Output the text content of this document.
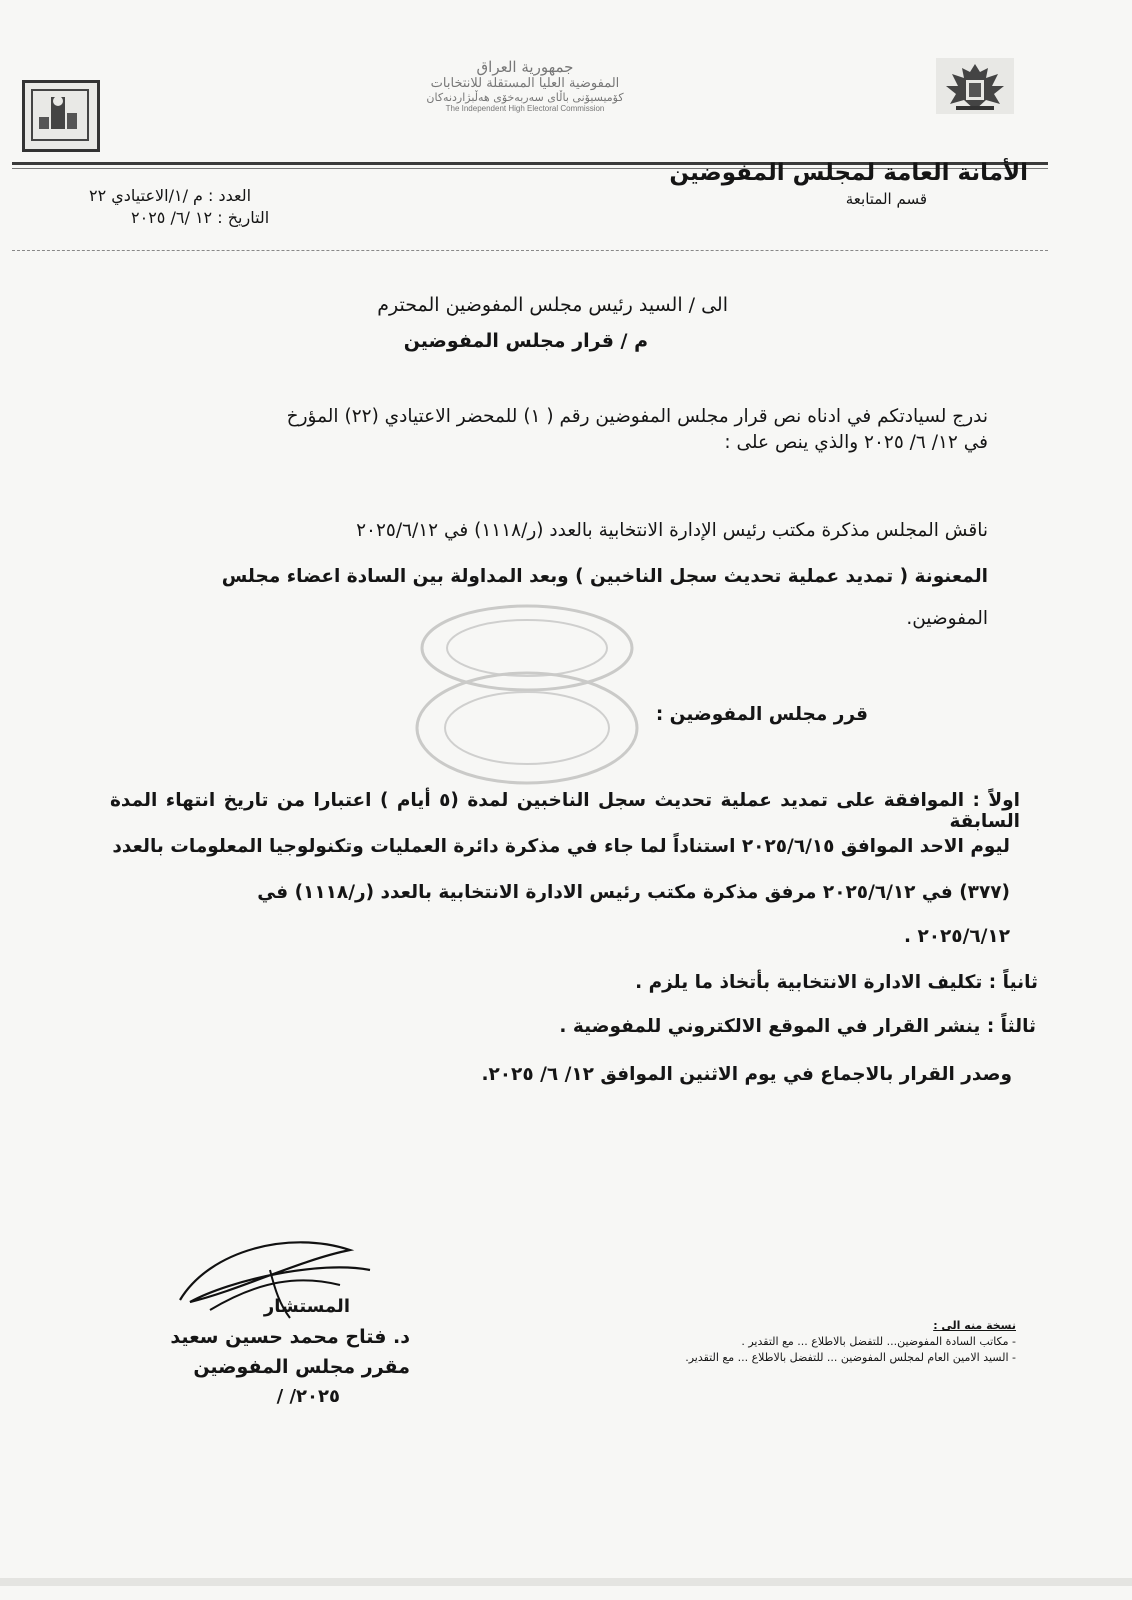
جمهورية العراق
المفوضية العليا المستقلة للانتخابات
كۆمیسیۆنی باڵای سەربەخۆی هەڵبژاردنەکان
The Independent High Electoral Commission
الأمانة العامة لمجلس المفوضين
قسم المتابعة
العدد : م /١/الاعتيادي ٢٢
التاريخ : ١٢ /٦/ ٢٠٢٥
الى / السيد رئيس مجلس المفوضين المحترم
م / قرار مجلس المفوضين
ندرج لسيادتكم في ادناه نص قرار مجلس المفوضين رقم ( ١) للمحضر الاعتيادي (٢٢) المؤرخ
في ١٢/ ٦/ ٢٠٢٥ والذي ينص على :
ناقش المجلس مذكرة مكتب رئيس الإدارة الانتخابية بالعدد (ر/١١١٨) في ٢٠٢٥/٦/١٢
المعنونة ( تمديد عملية تحديث سجل الناخبين ) وبعد المداولة بين السادة اعضاء مجلس
المفوضين.
قرر مجلس المفوضين :
اولاً : الموافقة على تمديد عملية تحديث سجل الناخبين لمدة (٥ أيام ) اعتبارا من تاريخ انتهاء المدة السابقة
ليوم الاحد الموافق ٢٠٢٥/٦/١٥ استناداً لما جاء في مذكرة دائرة العمليات وتكنولوجيا المعلومات بالعدد
(٣٧٧) في ٢٠٢٥/٦/١٢ مرفق مذكرة مكتب رئيس الادارة الانتخابية بالعدد (ر/١١١٨) في
٢٠٢٥/٦/١٢ .
ثانياً : تكليف الادارة الانتخابية بأتخاذ ما يلزم .
ثالثاً : ينشر القرار في الموقع الالكتروني للمفوضية .
وصدر القرار بالاجماع في يوم الاثنين الموافق ١٢/ ٦/ ٢٠٢٥.
المستشار
د. فتاح محمد حسين سعيد
مقرر مجلس المفوضين
/ /٢٠٢٥
نسخة منه الى :
- مكاتب السادة المفوضين... للتفضل بالاطلاع ... مع التقدير .
- السيد الامين العام لمجلس المفوضين ... للتفضل بالاطلاع ... مع التقدير.
